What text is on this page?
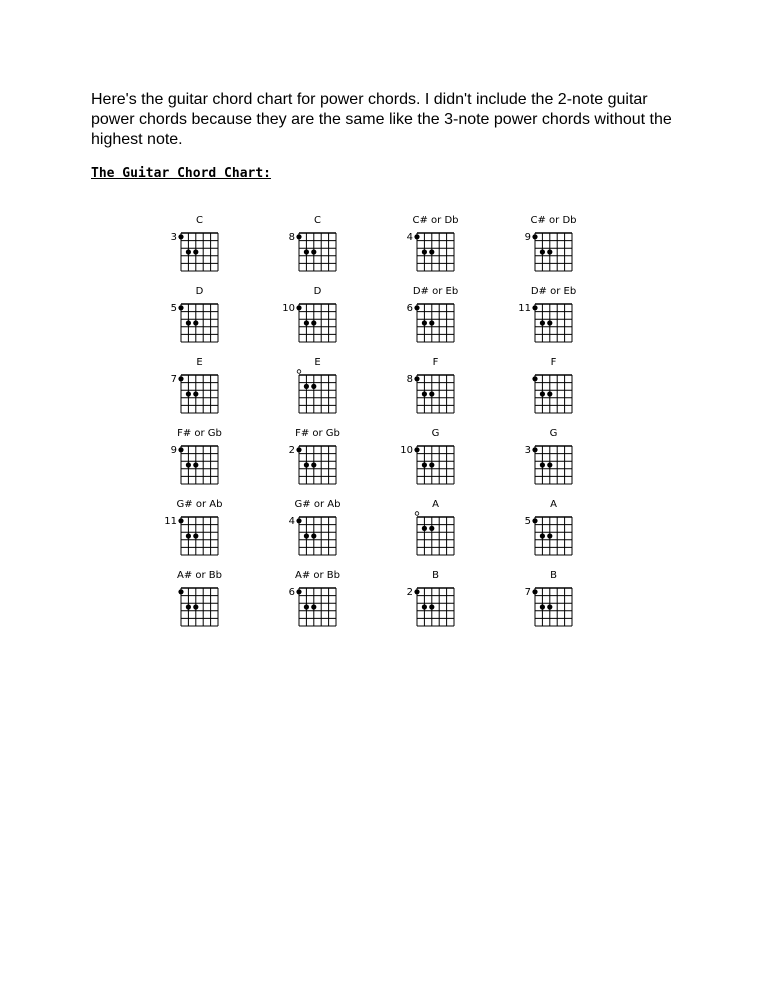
Here's the guitar chord chart for power chords. I didn't include the 2-note guitar power chords because they are the same like the 3-note power chords without the highest note.

The Guitar Chord Chart:

C
3
C
8
C# or Db
4
C# or Db
9
D
5
D
10
D# or Eb
6
D# or Eb
11
E
7
E	F
8
F
F# or Gb
9
F# or Gb
2
G
10
G
3
G# or Ab
11
G# or Ab
4
A	A
5
A# or Bb	A# or Bb
6
B
2
B
7
